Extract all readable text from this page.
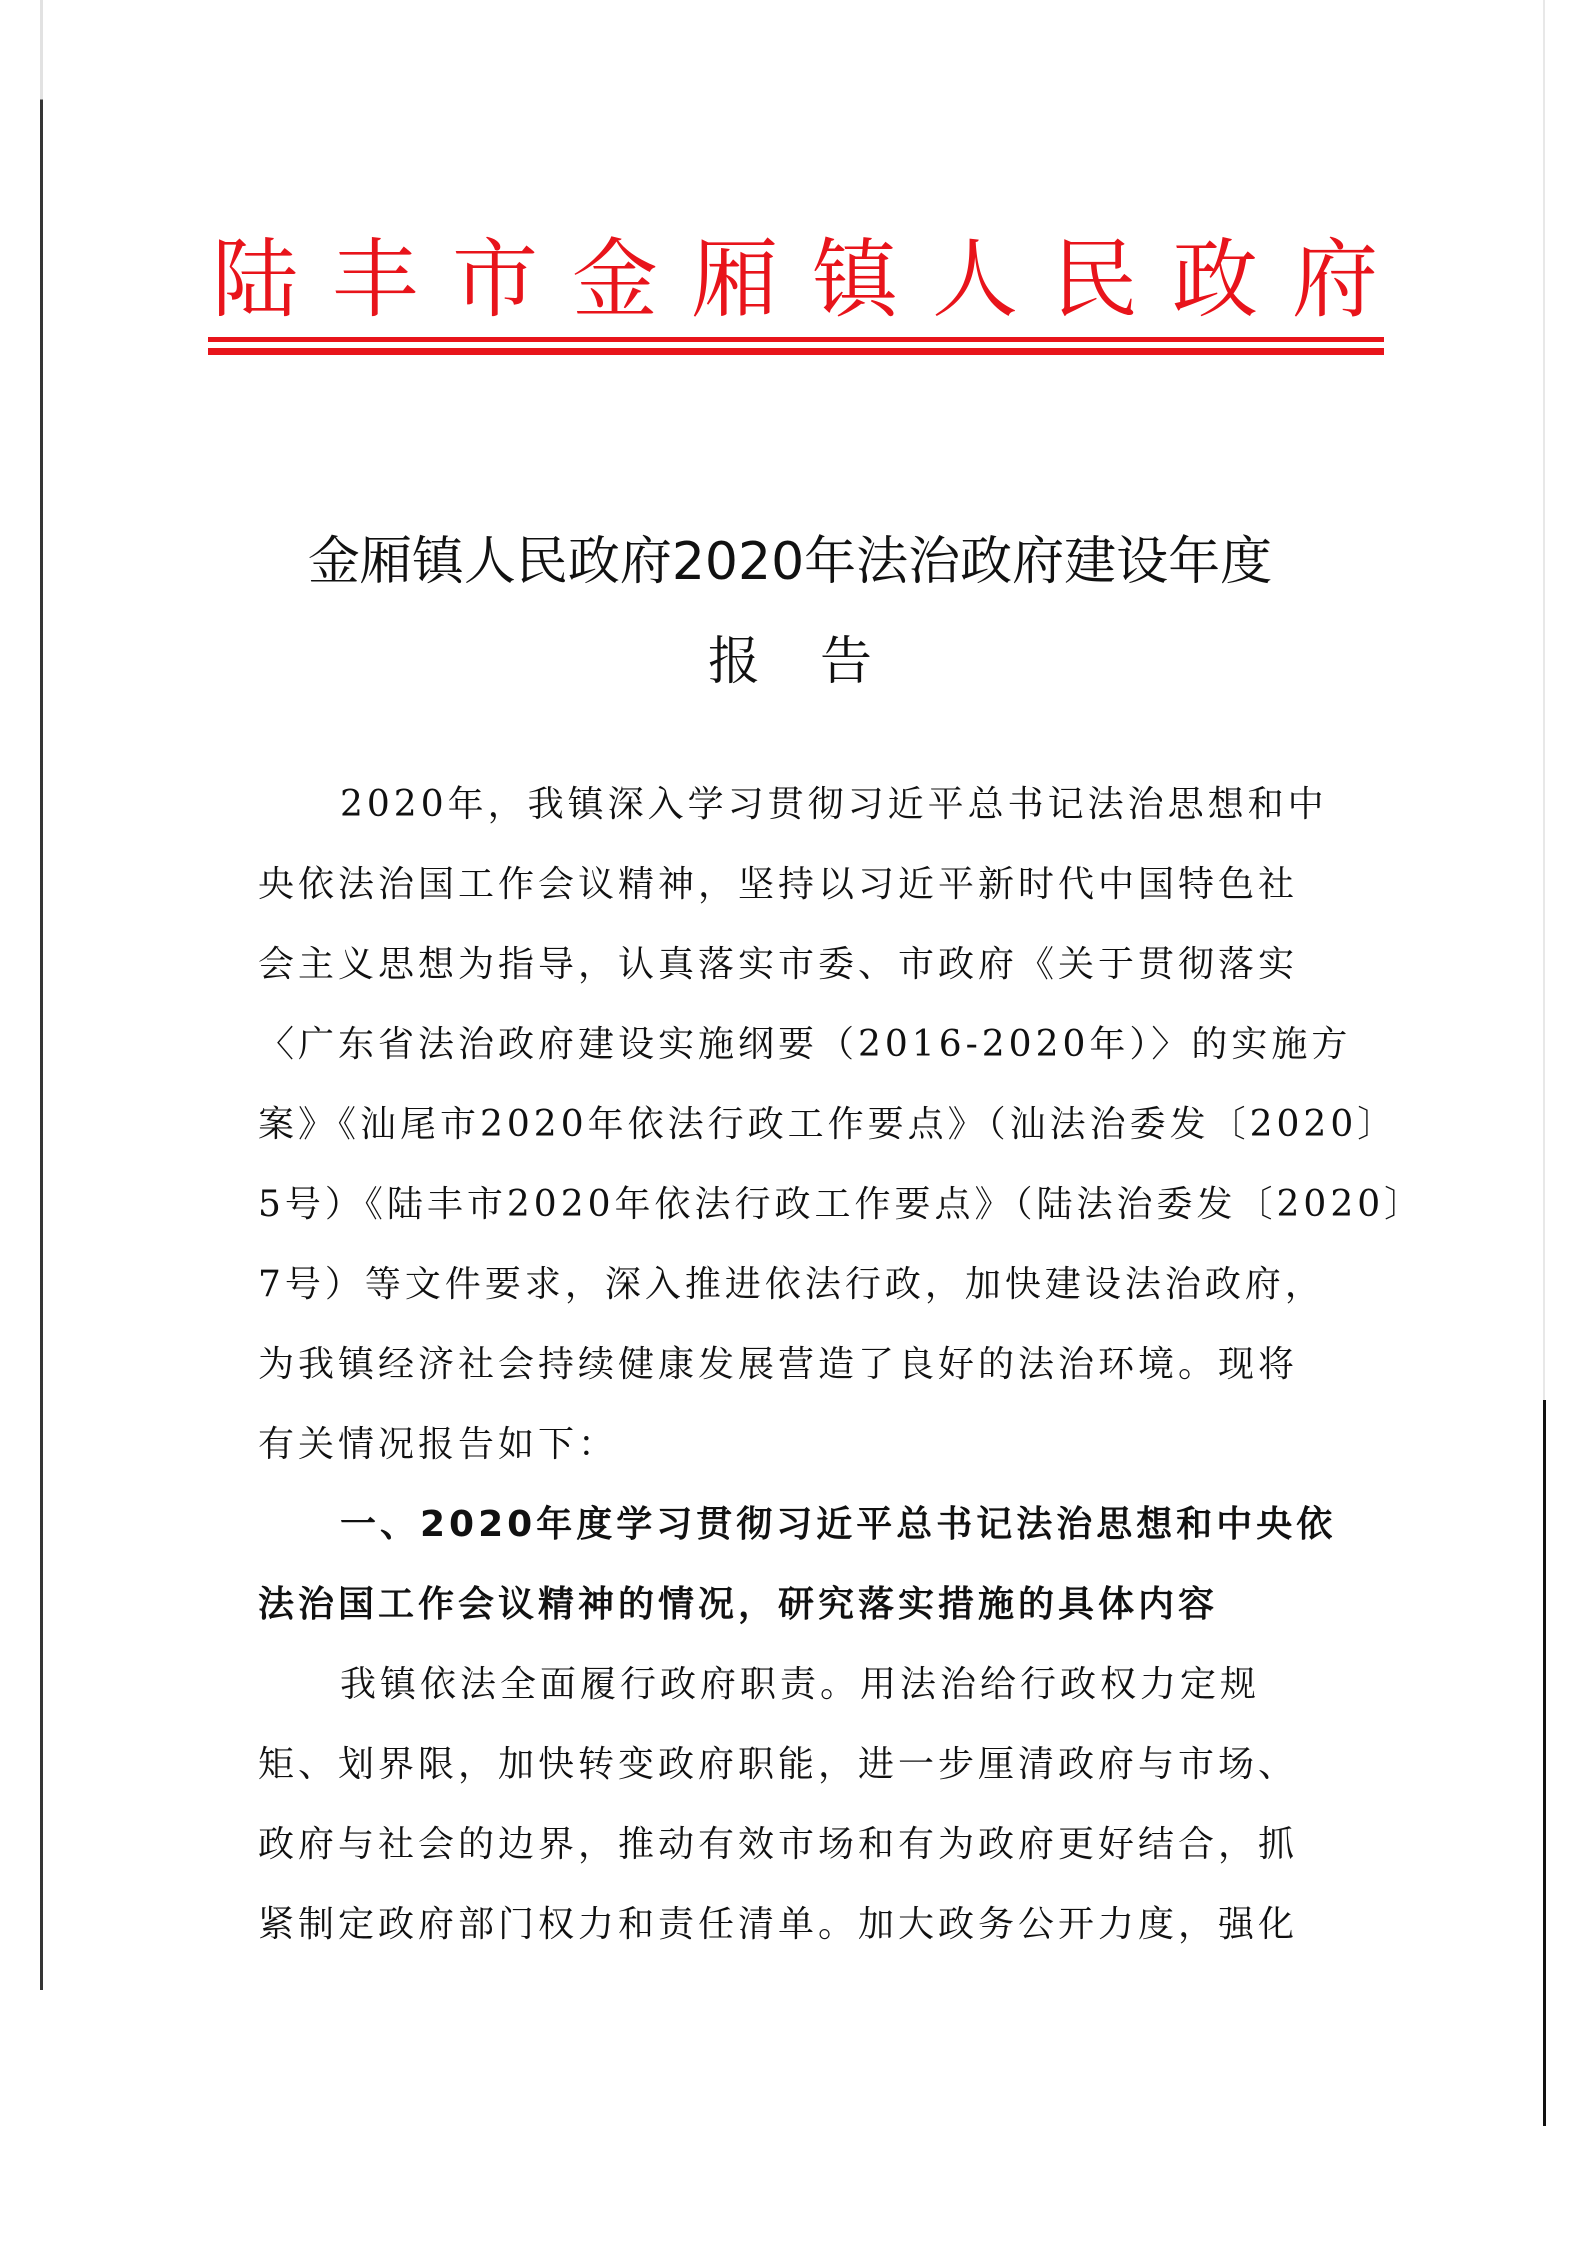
陆 丰 市 金 厢 镇 人 民 政 府
金厢镇人民政府2020年法治政府建设年度
报告

2020年，我镇深入学习贯彻习近平总书记法治思想和中
央依法治国工作会议精神，坚持以习近平新时代中国特色社
会主义思想为指导，认真落实市委、市政府《关于贯彻落实
〈广东省法治政府建设实施纲要（2016-2020年）〉的实施方
案》《汕尾市2020年依法行政工作要点》（汕法治委发〔2020〕
5号）《陆丰市2020年依法行政工作要点》（陆法治委发〔2020〕
7号）等文件要求，深入推进依法行政，加快建设法治政府，
为我镇经济社会持续健康发展营造了良好的法治环境。现将
有关情况报告如下：

一、2020年度学习贯彻习近平总书记法治思想和中央依
法治国工作会议精神的情况，研究落实措施的具体内容

我镇依法全面履行政府职责。用法治给行政权力定规
矩、划界限，加快转变政府职能，进一步厘清政府与市场、
政府与社会的边界，推动有效市场和有为政府更好结合，抓
紧制定政府部门权力和责任清单。加大政务公开力度，强化
